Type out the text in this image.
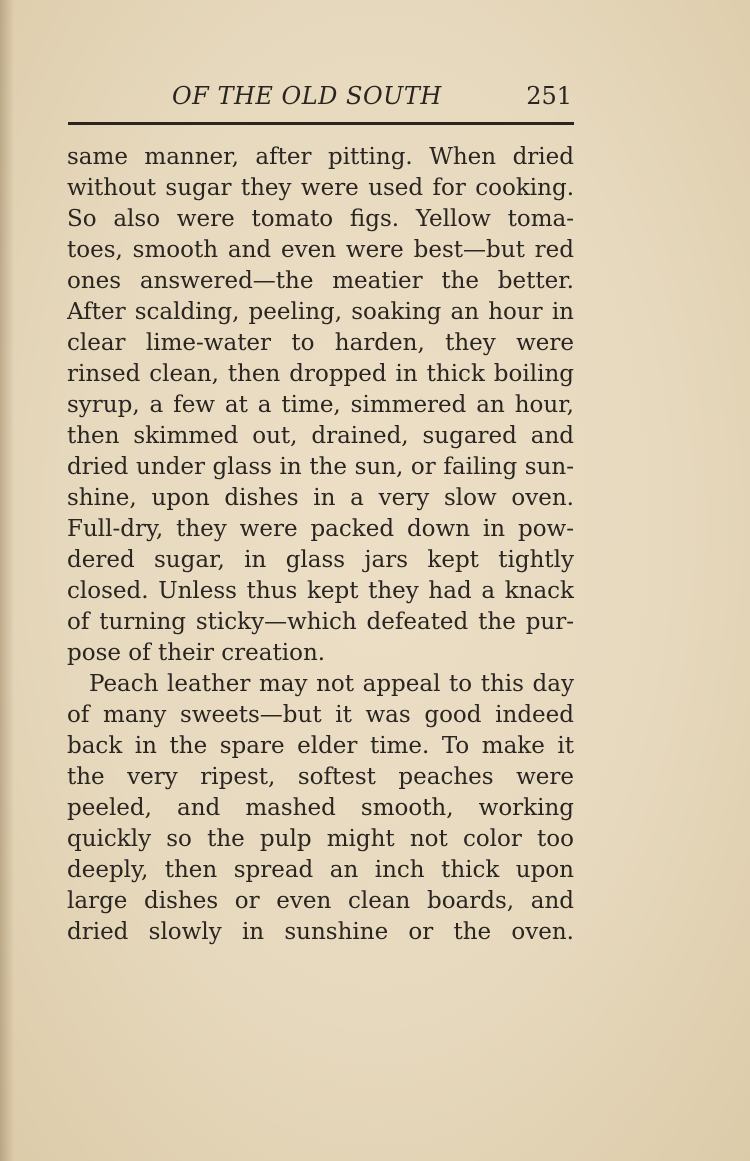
OF THE OLD SOUTH	251
same manner, after pitting. When dried
without sugar they were used for cooking.
So also were tomato figs. Yellow toma-
toes, smooth and even were best—but red
ones answered—the meatier the better.
After scalding, peeling, soaking an hour in
clear lime-water to harden, they were
rinsed clean, then dropped in thick boiling
syrup, a few at a time, simmered an hour,
then skimmed out, drained, sugared and
dried under glass in the sun, or failing sun-
shine, upon dishes in a very slow oven.
Full-dry, they were packed down in pow-
dered sugar, in glass jars kept tightly
closed. Unless thus kept they had a knack
of turning sticky—which defeated the pur-
pose of their creation.
Peach leather may not appeal to this day
of many sweets—but it was good indeed
back in the spare elder time. To make it
the very ripest, softest peaches were
peeled, and mashed smooth, working
quickly so the pulp might not color too
deeply, then spread an inch thick upon
large dishes or even clean boards, and
dried slowly in sunshine or the oven.
